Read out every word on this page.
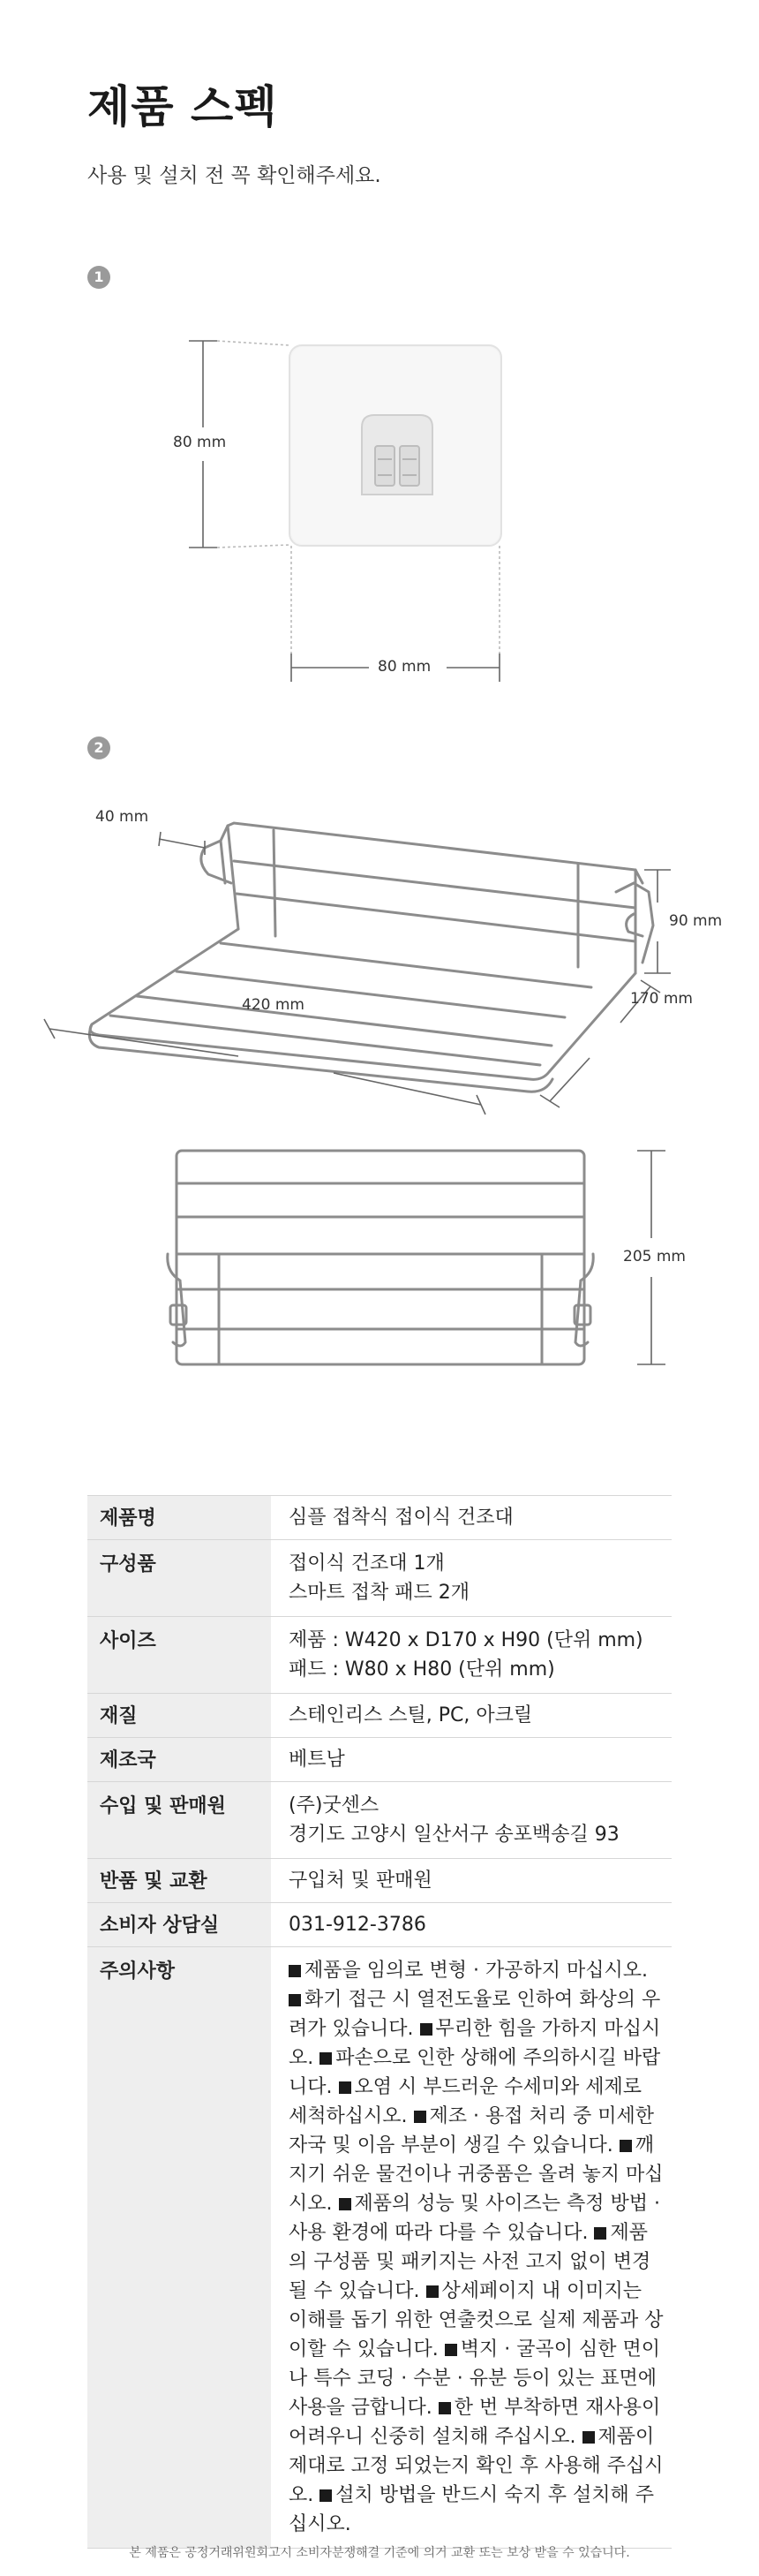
제품 스펙

사용 및 설치 전 꼭 확인해주세요.

1
80 mm
80 mm
2
40 mm
90 mm
420 mm	170 mm
205 mm
제품명	심플 접착식 접이식 건조대

구성품	접이식 건조대 1개
스마트 접착 패드 2개

사이즈	제품 : W420 x D170 x H90 (단위 mm)
패드 : W80 x H80 (단위 mm)

재질	스테인리스 스틸, PC, 아크릴

제조국	베트남

수입 및 판매원	(주)굿센스
경기도 고양시 일산서구 송포백송길 93

반품 및 교환	구입처 및 판매원

소비자 상담실	031-912-3786

주의사항	제품을 임의로 변형 · 가공하지 마십시오. 화기 접근 시 열전도율로 인하여 화상의 우려가 있습니다. 무리한 힘을 가하지 마십시오. 파손으로 인한 상해에 주의하시길 바랍니다. 오염 시 부드러운 수세미와 세제로 세척하십시오. 제조 · 용접 처리 중 미세한 자국 및 이음 부분이 생길 수 있습니다. 깨지기 쉬운 물건이나 귀중품은 올려 놓지 마십시오. 제품의 성능 및 사이즈는 측정 방법 · 사용 환경에 따라 다를 수 있습니다. 제품의 구성품 및 패키지는 사전 고지 없이 변경될 수 있습니다. 상세페이지 내 이미지는 이해를 돕기 위한 연출컷으로 실제 제품과 상이할 수 있습니다. 벽지 · 굴곡이 심한 면이나 특수 코딩 · 수분 · 유분 등이 있는 표면에 사용을 금합니다. 한 번 부착하면 재사용이 어려우니 신중히 설치해 주십시오. 제품이 제대로 고정 되었는지 확인 후 사용해 주십시오. 설치 방법을 반드시 숙지 후 설치해 주십시오.

본 제품은 공정거래위원회고시 소비자분쟁해결 기준에 의거 교환 또는 보상 받을 수 있습니다.
